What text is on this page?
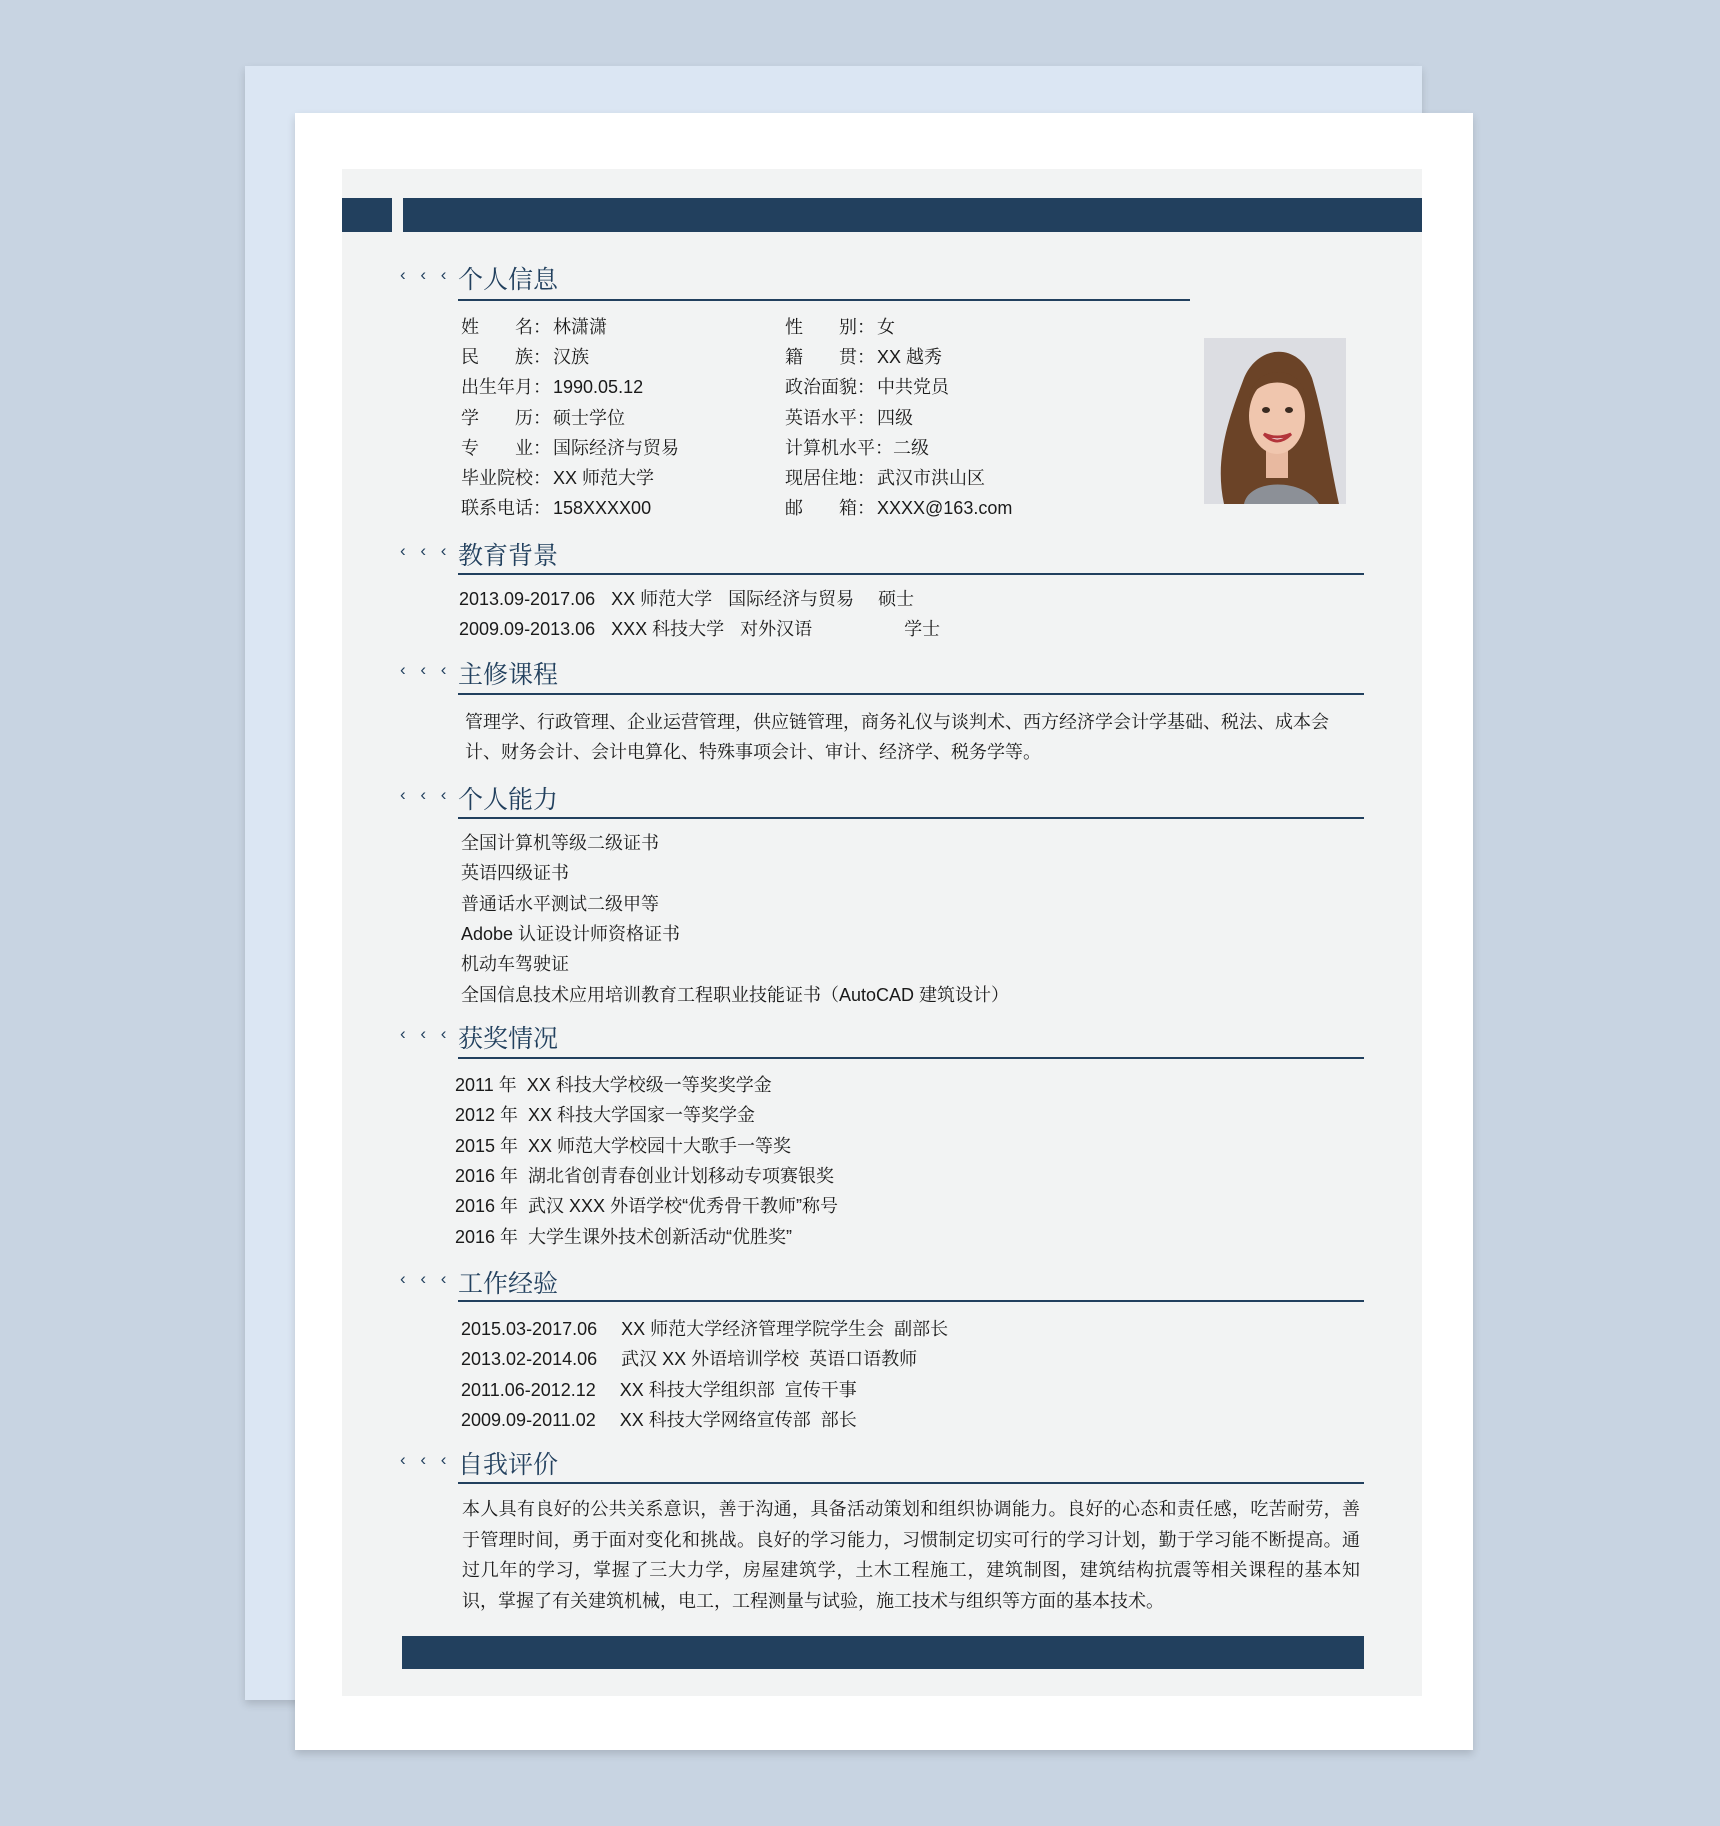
‹ ‹ ‹ 个人信息
‹ ‹ ‹ 教育背景
‹ ‹ ‹ 主修课程
‹ ‹ ‹ 个人能力
‹ ‹ ‹ 获奖情况
‹ ‹ ‹ 工作经验
‹ ‹ ‹ 自我评价
姓　　名： 林潇潇
民　　族： 汉族
出生年月： 1990.05.12
学　　历： 硕士学位
专　　业： 国际经济与贸易
毕业院校： XX 师范大学
联系电话： 158XXXX00
性　　别： 女
籍　　贯： XX 越秀
政治面貌： 中共党员
英语水平： 四级
计算机水平： 二级
现居住地： 武汉市洪山区
邮　　箱： XXXX@163.com
2013.09-2017.06 XX 师范大学 国际经济与贸易 硕士
2009.09-2013.06 XXX 科技大学 对外汉语	学士
管理学、行政管理、企业运营管理，供应链管理，商务礼仪与谈判术、西方经济学会计学基础、税法、成本会计、财务会计、会计电算化、特殊事项会计、审计、经济学、税务学等。
全国计算机等级二级证书
英语四级证书
普通话水平测试二级甲等
Adobe 认证设计师资格证书
机动车驾驶证
全国信息技术应用培训教育工程职业技能证书（AutoCAD 建筑设计）
2011 年 XX 科技大学校级一等奖奖学金
2012 年 XX 科技大学国家一等奖学金
2015 年 XX 师范大学校园十大歌手一等奖
2016 年 湖北省创青春创业计划移动专项赛银奖
2016 年 武汉 XXX 外语学校“优秀骨干教师”称号
2016 年 大学生课外技术创新活动“优胜奖”
2015.03-2017.06 XX 师范大学经济管理学院学生会  副部长
2013.02-2014.06 武汉 XX 外语培训学校  英语口语教师
2011.06-2012.12 XX 科技大学组织部  宣传干事
2009.09-2011.02 XX 科技大学网络宣传部  部长
本人具有良好的公共关系意识，善于沟通，具备活动策划和组织协调能力。良好的心态和责任感，吃苦耐劳，善于管理时间，勇于面对变化和挑战。良好的学习能力，习惯制定切实可行的学习计划，勤于学习能不断提高。通过几年的学习，掌握了三大力学，房屋建筑学，土木工程施工，建筑制图，建筑结构抗震等相关课程的基本知识，掌握了有关建筑机械，电工，工程测量与试验，施工技术与组织等方面的基本技术。
